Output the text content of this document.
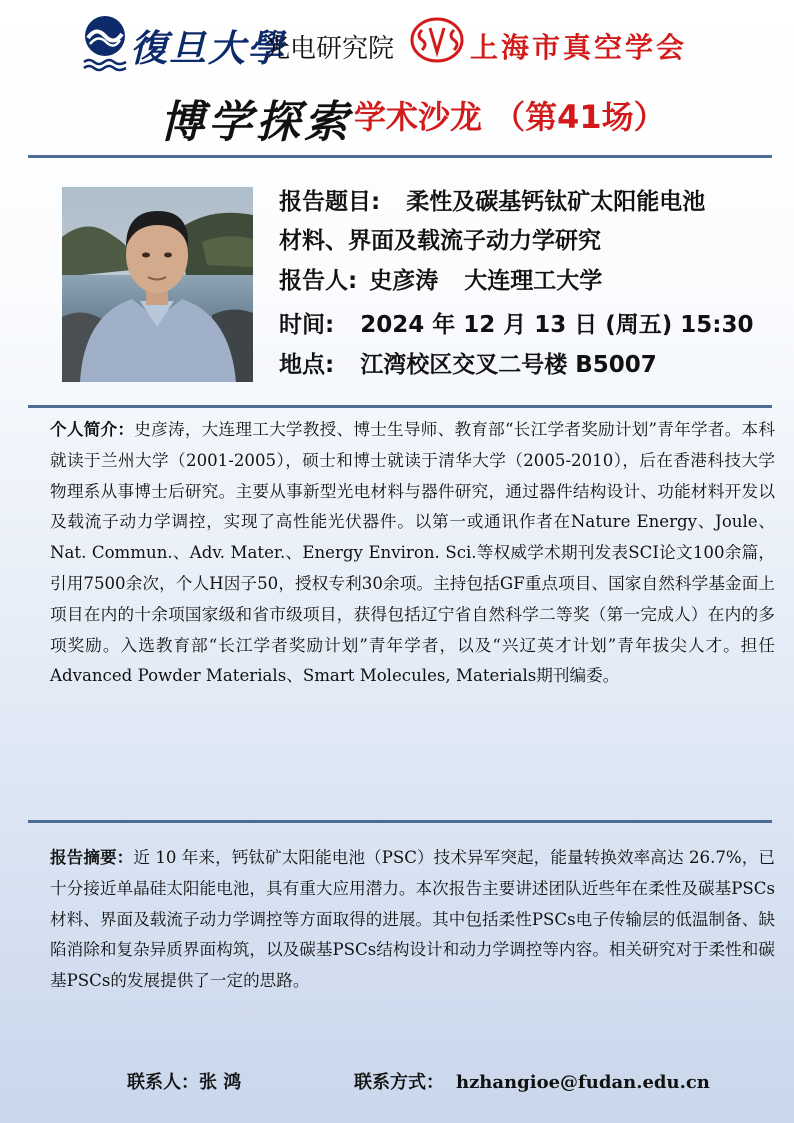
復旦大學
光电研究院	上海市真空学会
博学探索 学术沙龙 （第41场）
报告题目: 柔性及碳基钙钛矿太阳能电池
材料、界面及载流子动力学研究
报告人: 史彦涛 大连理工大学
时间: 2024 年 12 月 13 日 (周五) 15:30
地点: 江湾校区交叉二号楼 B5007
个人简介：史彦涛，大连理工大学教授、博士生导师、教育部“长江学者奖励计划”青年学者。本科就读于兰州大学（2001-2005），硕士和博士就读于清华大学（2005-2010），后在香港科技大学物理系从事博士后研究。主要从事新型光电材料与器件研究，通过器件结构设计、功能材料开发以及载流子动力学调控，实现了高性能光伏器件。以第一或通讯作者在Nature Energy、Joule、Nat. Commun.、Adv. Mater.、Energy Environ. Sci.等权威学术期刊发表SCI论文100余篇，引用7500余次，个人H因子50，授权专利30余项。主持包括GF重点项目、国家自然科学基金面上项目在内的十余项国家级和省市级项目，获得包括辽宁省自然科学二等奖（第一完成人）在内的多项奖励。入选教育部“长江学者奖励计划”青年学者，以及“兴辽英才计划”青年拔尖人才。担任Advanced Powder Materials、Smart Molecules, Materials期刊编委。
报告摘要：近 10 年来，钙钛矿太阳能电池（PSC）技术异军突起，能量转换效率高达 26.7%，已十分接近单晶硅太阳能电池，具有重大应用潜力。本次报告主要讲述团队近些年在柔性及碳基PSCs材料、界面及载流子动力学调控等方面取得的进展。其中包括柔性PSCs电子传输层的低温制备、缺陷消除和复杂异质界面构筑，以及碳基PSCs结构设计和动力学调控等内容。相关研究对于柔性和碳基PSCs的发展提供了一定的思路。
联系人：张 鸿	联系方式： hzhangioe@fudan.edu.cn
